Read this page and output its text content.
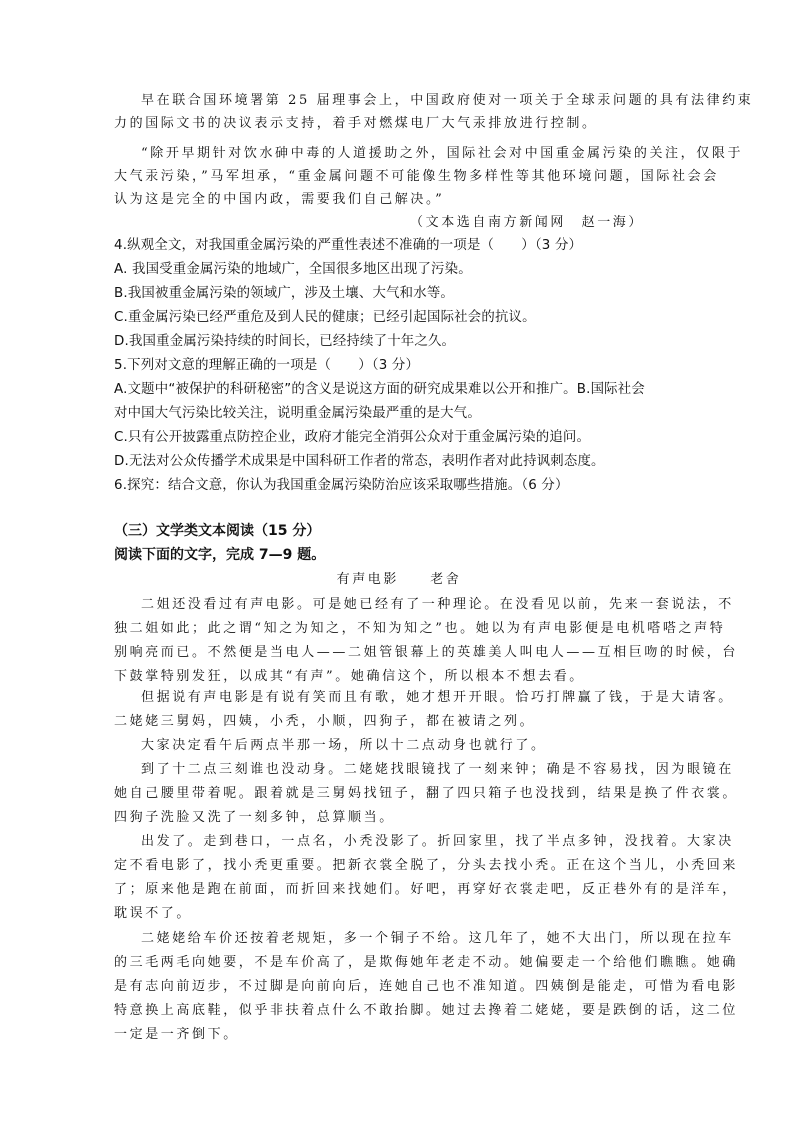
早在联合国环境署第 25 届理事会上，中国政府使对一项关于全球汞问题的具有法律约束
力的国际文书的决议表示支持，着手对燃煤电厂大气汞排放进行控制。
“除开早期针对饮水砷中毒的人道援助之外，国际社会对中国重金属污染的关注，仅限于
大气汞污染，”马军坦承，“重金属问题不可能像生物多样性等其他环境问题，国际社会会
认为这是完全的中国内政，需要我们自己解决。”
（文本选自南方新闻网　赵一海）
4.纵观全文，对我国重金属污染的严重性表述不准确的一项是（　　）（3 分）
A. 我国受重金属污染的地域广，全国很多地区出现了污染。
B.我国被重金属污染的领域广，涉及土壤、大气和水等。
C.重金属污染已经严重危及到人民的健康；已经引起国际社会的抗议。
D.我国重金属污染持续的时间长，已经持续了十年之久。
5.下列对文意的理解正确的一项是（　　）（3 分）
A.文题中“被保护的科研秘密”的含义是说这方面的研究成果难以公开和推广。B.国际社会
对中国大气污染比较关注，说明重金属污染最严重的是大气。
C.只有公开披露重点防控企业，政府才能完全消弭公众对于重金属污染的追问。
D.无法对公众传播学术成果是中国科研工作者的常态，表明作者对此持讽刺态度。
6.探究：结合文意，你认为我国重金属污染防治应该采取哪些措施。（6 分）
（三）文学类文本阅读（15 分）
阅读下面的文字，完成 7—9 题。
有声电影　　老舍
二姐还没看过有声电影。可是她已经有了一种理论。在没看见以前，先来一套说法，不
独二姐如此；此之谓“知之为知之，不知为知之”也。她以为有声电影便是电机嗒嗒之声特
别响亮而已。不然便是当电人——二姐管银幕上的英雄美人叫电人——互相巨吻的时候，台
下鼓掌特别发狂，以成其“有声”。她确信这个，所以根本不想去看。
但据说有声电影是有说有笑而且有歌，她才想开开眼。恰巧打牌赢了钱，于是大请客。
二姥姥三舅妈，四姨，小秃，小顺，四狗子，都在被请之列。
大家决定看午后两点半那一场，所以十二点动身也就行了。
到了十二点三刻谁也没动身。二姥姥找眼镜找了一刻来钟；确是不容易找，因为眼镜在
她自己腰里带着呢。跟着就是三舅妈找钮子，翻了四只箱子也没找到，结果是换了件衣裳。
四狗子洗脸又洗了一刻多钟，总算顺当。
出发了。走到巷口，一点名，小秃没影了。折回家里，找了半点多钟，没找着。大家决
定不看电影了，找小秃更重要。把新衣裳全脱了，分头去找小秃。正在这个当儿，小秃回来
了；原来他是跑在前面，而折回来找她们。好吧，再穿好衣裳走吧，反正巷外有的是洋车，
耽误不了。
二姥姥给车价还按着老规矩，多一个铜子不给。这几年了，她不大出门，所以现在拉车
的三毛两毛向她要，不是车价高了，是欺侮她年老走不动。她偏要走一个给他们瞧瞧。她确
是有志向前迈步，不过脚是向前向后，连她自己也不准知道。四姨倒是能走，可惜为看电影
特意换上高底鞋，似乎非扶着点什么不敢抬脚。她过去搀着二姥姥，要是跌倒的话，这二位
一定是一齐倒下。
